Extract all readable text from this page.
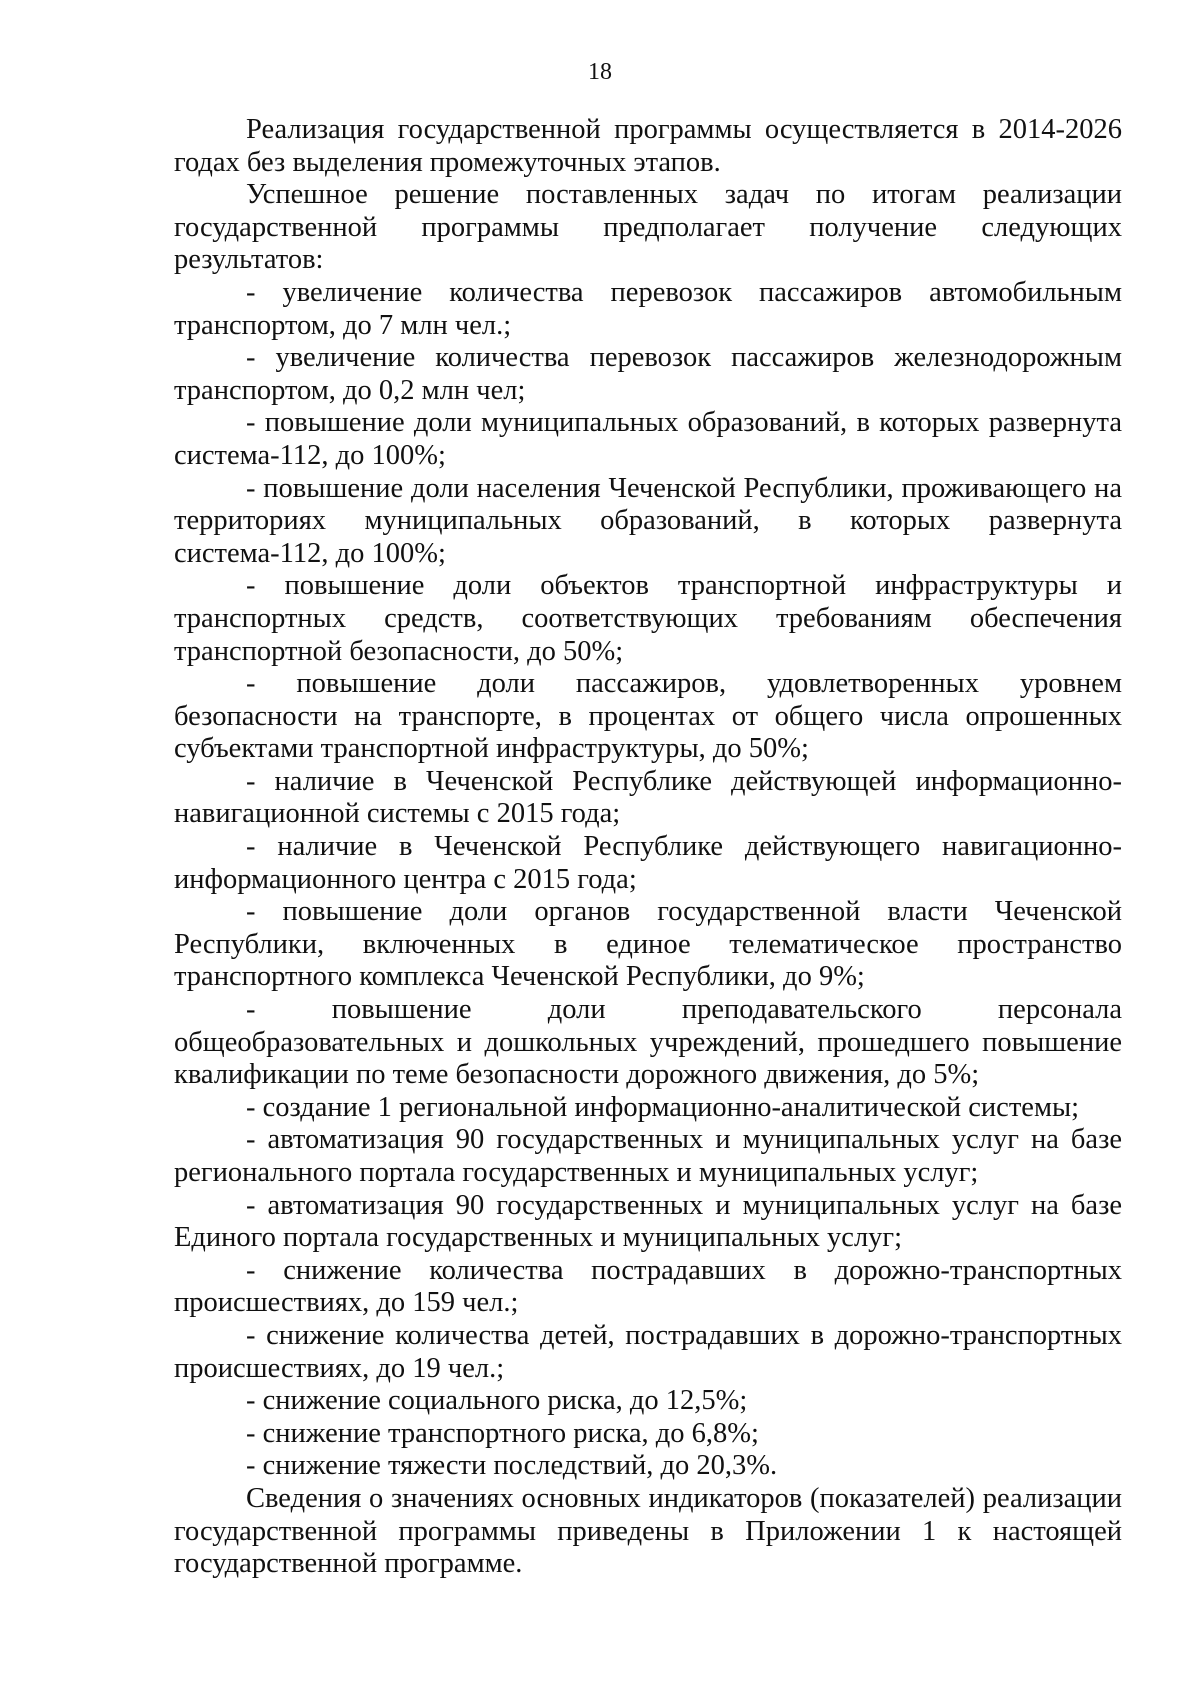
18

Реализация государственной программы осуществляется в 2014-2026 годах без выделения промежуточных этапов.

Успешное решение поставленных задач по итогам реализации государственной программы предполагает получение следующих результатов:

- увеличение количества перевозок пассажиров автомобильным транспортом, до 7 млн чел.;

- увеличение количества перевозок пассажиров железнодорожным транспортом, до 0,2 млн чел;

- повышение доли муниципальных образований, в которых развернута система-112, до 100%;

- повышение доли населения Чеченской Республики, проживающего на территориях муниципальных образований, в которых развернута система-112, до 100%;

- повышение доли объектов транспортной инфраструктуры и транспортных средств, соответствующих требованиям обеспечения транспортной безопасности, до 50%;

- повышение доли пассажиров, удовлетворенных уровнем безопасности на транспорте, в процентах от общего числа опрошенных субъектами транспортной инфраструктуры, до 50%;

- наличие в Чеченской Республике действующей информационно-навигационной системы с 2015 года;

- наличие в Чеченской Республике действующего навигационно-информационного центра с 2015 года;

- повышение доли органов государственной власти Чеченской Республики, включенных в единое телематическое пространство транспортного комплекса Чеченской Республики, до 9%;

- повышение доли преподавательского персонала общеобразовательных и дошкольных учреждений, прошедшего повышение квалификации по теме безопасности дорожного движения, до 5%;

- создание 1 региональной информационно-аналитической системы;

- автоматизация 90 государственных и муниципальных услуг на базе регионального портала государственных и муниципальных услуг;

- автоматизация 90 государственных и муниципальных услуг на базе Единого портала государственных и муниципальных услуг;

- снижение количества пострадавших в дорожно-транспортных происшествиях, до 159 чел.;

- снижение количества детей, пострадавших в дорожно-транспортных происшествиях, до 19 чел.;

- снижение социального риска, до 12,5%;

- снижение транспортного риска, до 6,8%;

- снижение тяжести последствий, до 20,3%.

Сведения о значениях основных индикаторов (показателей) реализации государственной программы приведены в Приложении 1 к настоящей государственной программе.
